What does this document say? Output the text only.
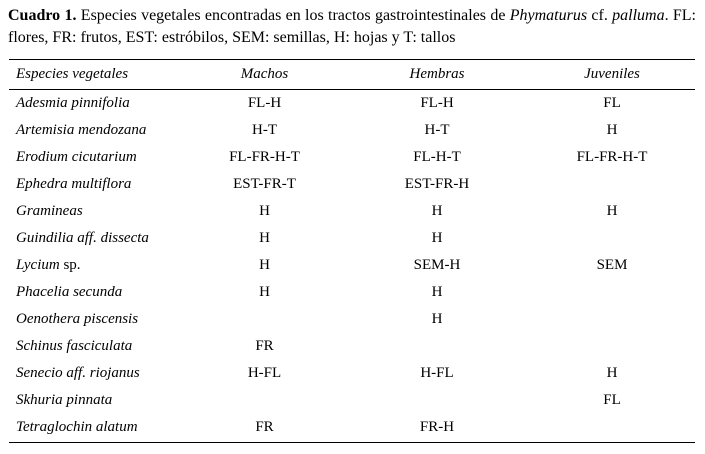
Cuadro 1. Especies vegetales encontradas en los tractos gastrointestinales de Phymaturus cf. palluma. FL: flores, FR: frutos, EST: estróbilos, SEM: semillas, H: hojas y T: tallos
Especies vegetales	Machos	Hembras	Juveniles
Adesmia pinnifolia	FL-H	FL-H	FL
Artemisia mendozana	H-T	H-T	H
Erodium cicutarium	FL-FR-H-T	FL-H-T	FL-FR-H-T
Ephedra multiflora	EST-FR-T	EST-FR-H	
Gramineas	H	H	H
Guindilia aff. dissecta	H	H	
Lycium sp.	H	SEM-H	SEM
Phacelia secunda	H	H	
Oenothera piscensis		H	
Schinus fasciculata	FR		
Senecio aff. riojanus	H-FL	H-FL	H
Skhuria pinnata			FL
Tetraglochin alatum	FR	FR-H	
